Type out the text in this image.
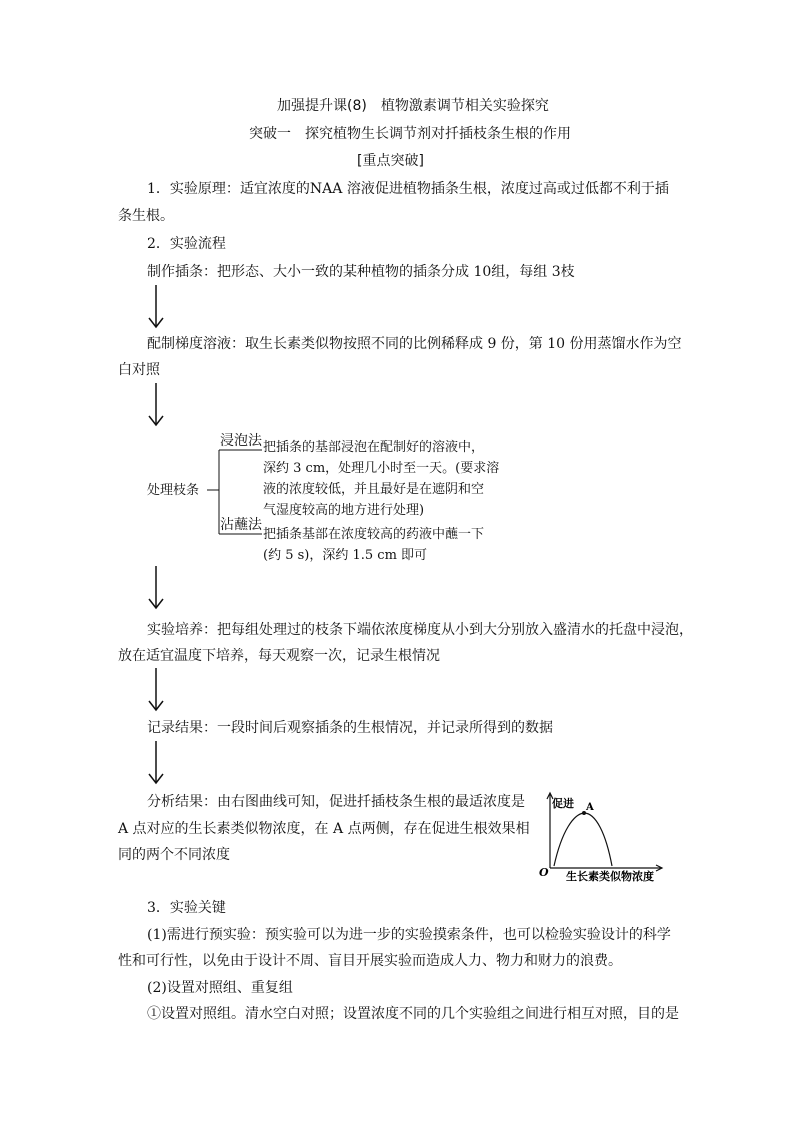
加强提升课(8)　植物激素调节相关实验探究
突破一　探究植物生长调节剂对扦插枝条生根的作用
[重点突破]
1．实验原理：适宜浓度的NAA 溶液促进植物插条生根，浓度过高或过低都不利于插
条生根。
2．实验流程
制作插条：把形态、大小一致的某种植物的插条分成 10组，每组 3枝
配制梯度溶液：取生长素类似物按照不同的比例稀释成 9 份，第 10 份用蒸馏水作为空
白对照
处理枝条
浸泡法 把插条的基部浸泡在配制好的溶液中，
深约 3 cm，处理几小时至一天。(要求溶
液的浓度较低，并且最好是在遮阴和空
气湿度较高的地方进行处理)
沾蘸法
把插条基部在浓度较高的药液中蘸一下
(约 5 s)，深约 1.5 cm 即可
实验培养：把每组处理过的枝条下端依浓度梯度从小到大分别放入盛清水的托盘中浸泡，
放在适宜温度下培养，每天观察一次，记录生根情况
记录结果：一段时间后观察插条的生根情况，并记录所得到的数据
分析结果：由右图曲线可知，促进扦插枝条生根的最适浓度是
A 点对应的生长素类似物浓度，在 A 点两侧，存在促进生根效果相
同的两个不同浓度
促进 A
O 生长素类似物浓度
3．实验关键
(1)需进行预实验：预实验可以为进一步的实验摸索条件，也可以检验实验设计的科学
性和可行性，以免由于设计不周、盲目开展实验而造成人力、物力和财力的浪费。
(2)设置对照组、重复组
①设置对照组。清水空白对照；设置浓度不同的几个实验组之间进行相互对照，目的是
